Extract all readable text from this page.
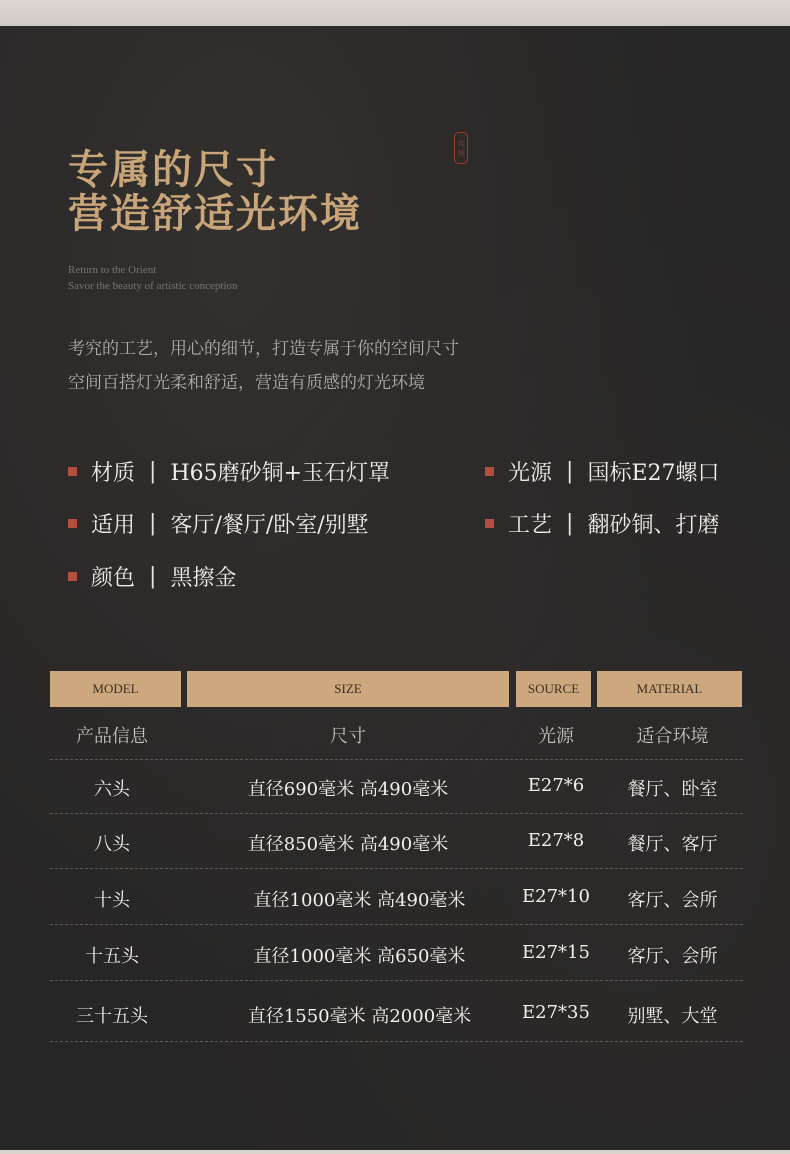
专属的尺寸
营造舒适光环境
传 统
Return to the Orient
Savor the beauty of artistic conception
考究的工艺，用心的细节，打造专属于你的空间尺寸
空间百搭灯光柔和舒适，营造有质感的灯光环境
材质 | H65磨砂铜+玉石灯罩	光源 | 国标E27螺口
适用 | 客厅/餐厅/卧室/别墅	工艺 | 翻砂铜、打磨
颜色 | 黑擦金
MODEL	SIZE	SOURCE	MATERIAL
产品信息	尺寸	光源	适合环境
六头	直径690毫米 高490毫米	E27*6	餐厅、卧室
八头	直径850毫米 高490毫米	E27*8	餐厅、客厅
十头	直径1000毫米 高490毫米	E27*10	客厅、会所
十五头	直径1000毫米 高650毫米	E27*15	客厅、会所
三十五头	直径1550毫米 高2000毫米	E27*35	别墅、大堂
